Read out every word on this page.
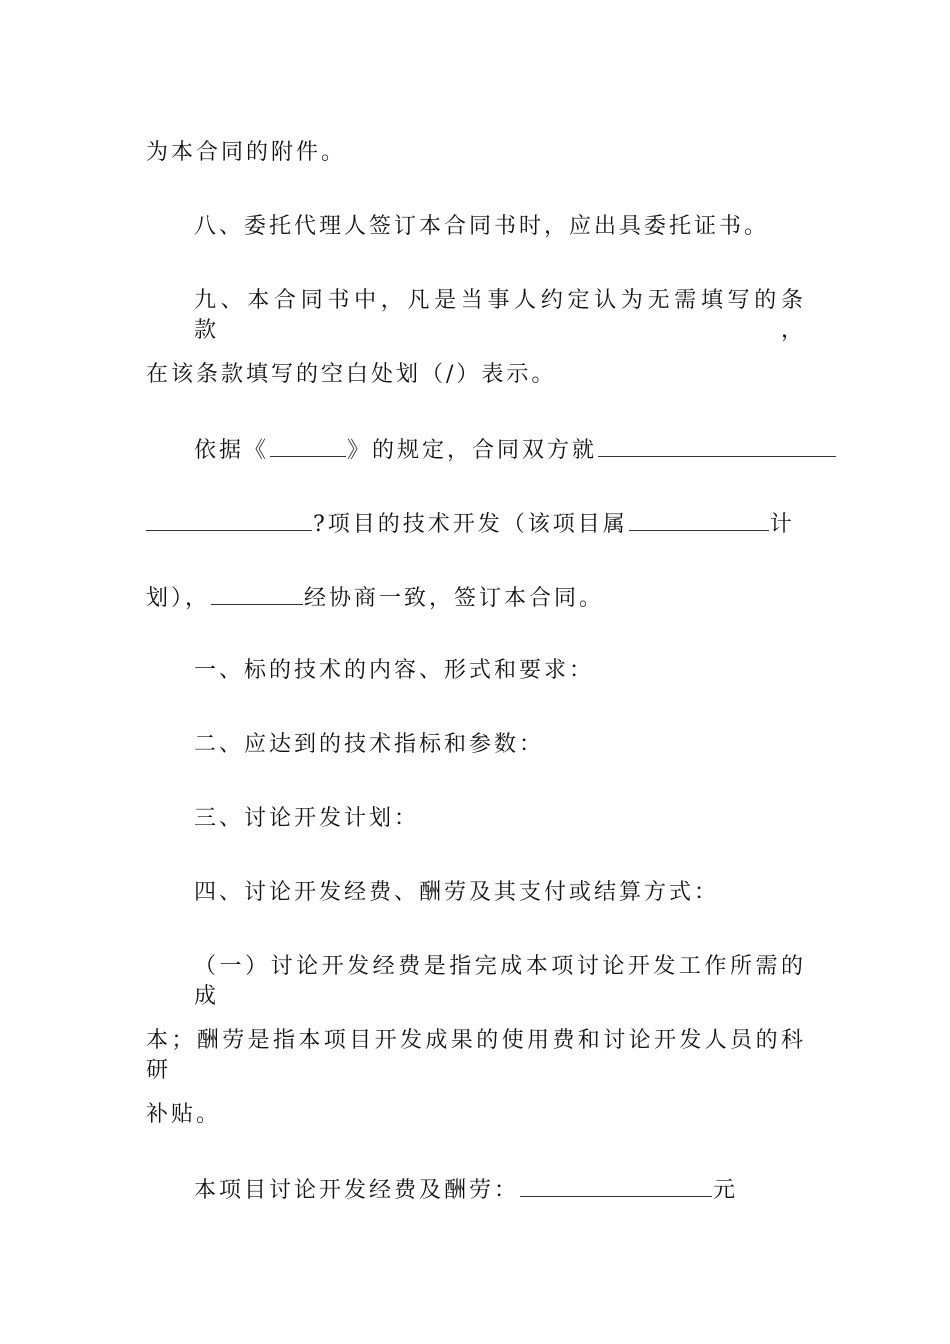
为本合同的附件。

八、委托代理人签订本合同书时，应出具委托证书。

九、本合同书中，凡是当事人约定认为无需填写的条款，

在该条款填写的空白处划（/）表示。

依据《	》的规定，合同双方就

?项目的技术开发（该项目属	计

划），	经协商一致，签订本合同。

一、标的技术的内容、形式和要求：

二、应达到的技术指标和参数：

三、讨论开发计划：

四、讨论开发经费、酬劳及其支付或结算方式：

（一）讨论开发经费是指完成本项讨论开发工作所需的成

本；酬劳是指本项目开发成果的使用费和讨论开发人员的科研

补贴。

本项目讨论开发经费及酬劳：	元
